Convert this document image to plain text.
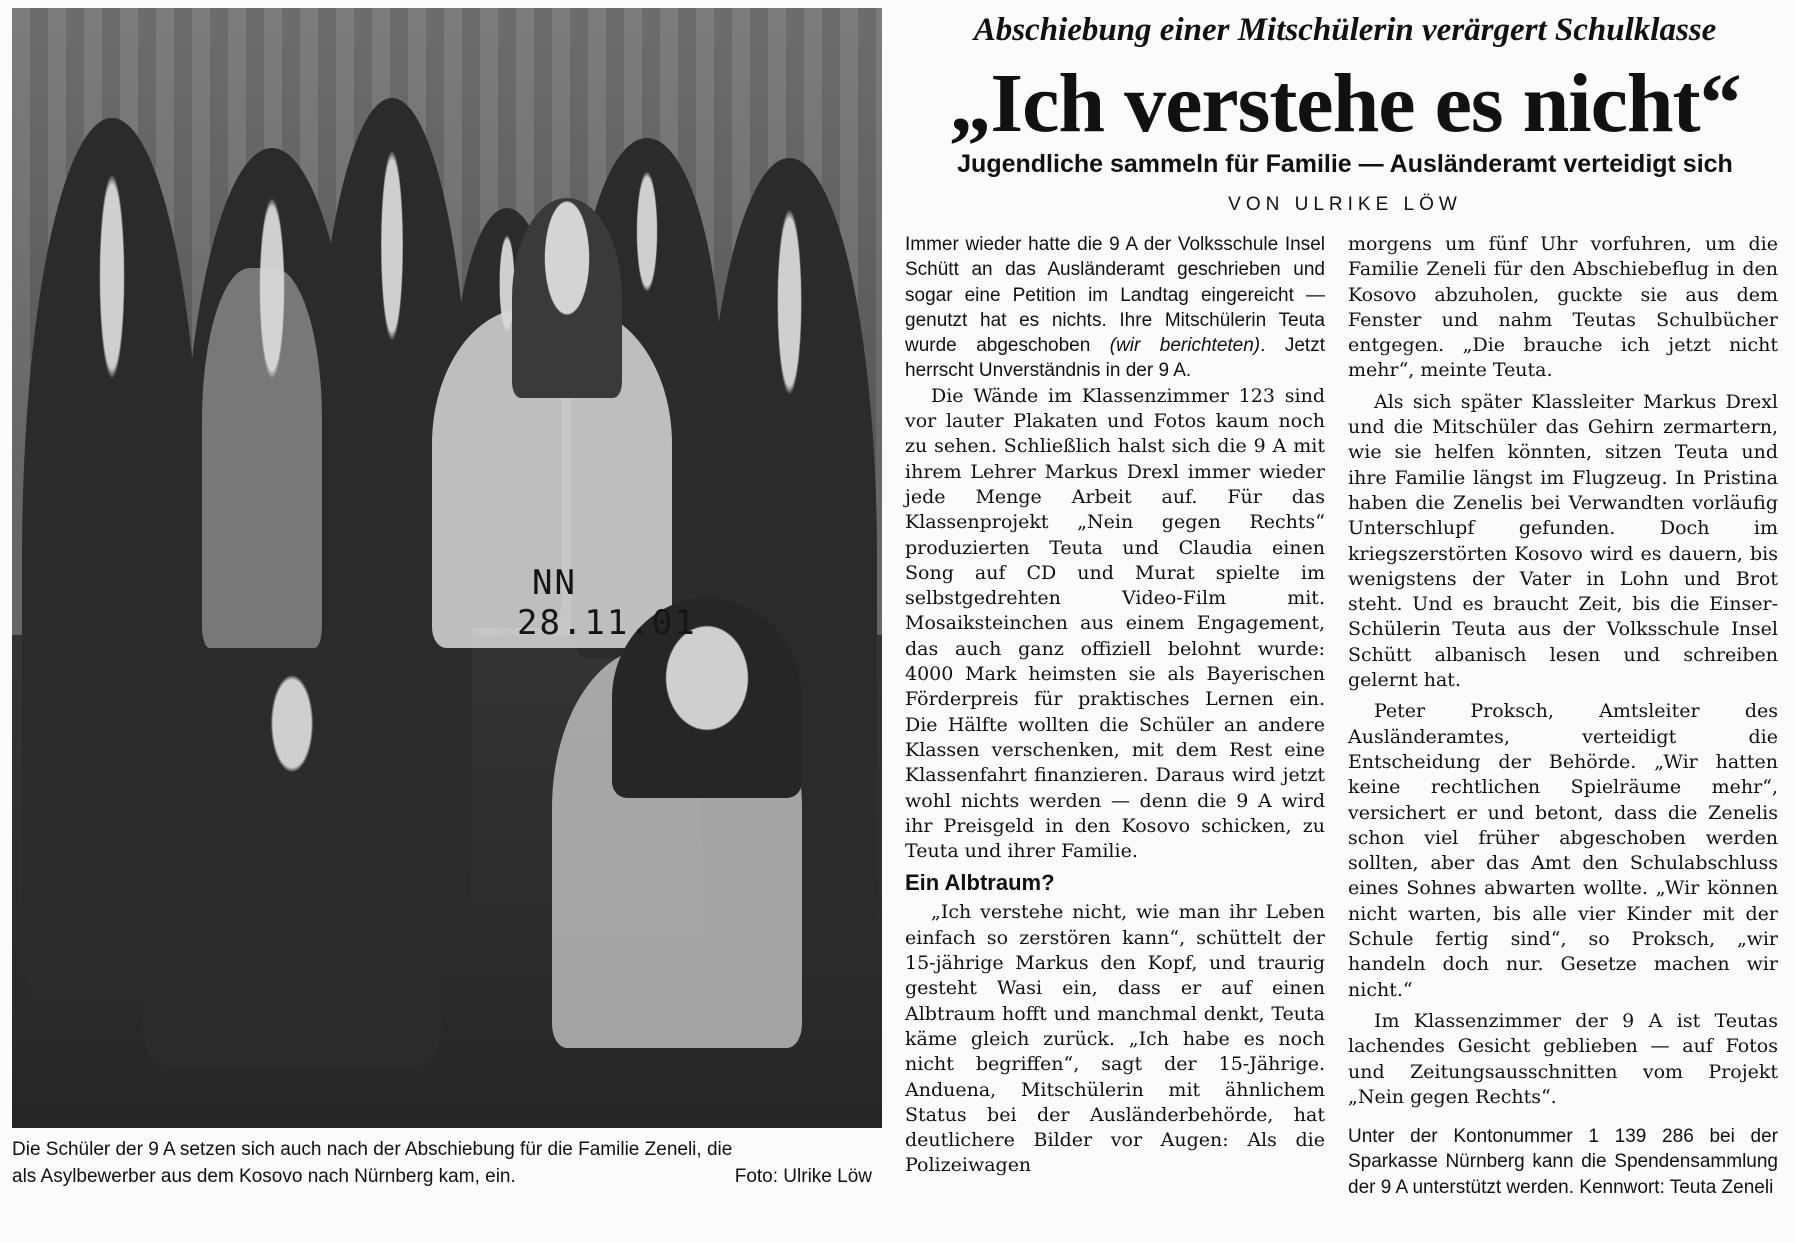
NN
28.11.01
Die Schüler der 9 A setzen sich auch nach der Abschiebung für die Familie Zeneli, die
als Asylbewerber aus dem Kosovo nach Nürnberg kam, ein.	Foto: Ulrike Löw
Abschiebung einer Mitschülerin verärgert Schulklasse
„Ich verstehe es nicht“
Jugendliche sammeln für Familie — Ausländeramt verteidigt sich
VON ULRIKE LÖW

Immer wieder hatte die 9 A der Volksschule Insel Schütt an das Ausländeramt geschrieben und sogar eine Petition im Landtag eingereicht — genutzt hat es nichts. Ihre Mitschülerin Teuta wurde abgeschoben (wir berichteten). Jetzt herrscht Unverständnis in der 9 A.

Die Wände im Klassenzimmer 123 sind vor lauter Plakaten und Fotos kaum noch zu sehen. Schließlich halst sich die 9 A mit ihrem Lehrer Markus Drexl immer wieder jede Menge Arbeit auf. Für das Klassenprojekt „Nein gegen Rechts“ produzierten Teuta und Claudia einen Song auf CD und Murat spielte im selbstgedrehten Video-Film mit. Mosaiksteinchen aus einem Engagement, das auch ganz offiziell belohnt wurde: 4000 Mark heimsten sie als Bayerischen Förderpreis für praktisches Lernen ein. Die Hälfte wollten die Schüler an andere Klassen verschenken, mit dem Rest eine Klassenfahrt finanzieren. Daraus wird jetzt wohl nichts werden — denn die 9 A wird ihr Preisgeld in den Kosovo schicken, zu Teuta und ihrer Familie.

Ein Albtraum?

„Ich verstehe nicht, wie man ihr Leben einfach so zerstören kann“, schüttelt der 15-jährige Markus den Kopf, und traurig gesteht Wasi ein, dass er auf einen Albtraum hofft und manchmal denkt, Teuta käme gleich zurück. „Ich habe es noch nicht begriffen“, sagt der 15-Jährige. Anduena, Mitschülerin mit ähnlichem Status bei der Ausländerbehörde, hat deutlichere Bilder vor Augen: Als die Polizeiwagen

morgens um fünf Uhr vorfuhren, um die Familie Zeneli für den Abschiebeflug in den Kosovo abzuholen, guckte sie aus dem Fenster und nahm Teutas Schulbücher entgegen. „Die brauche ich jetzt nicht mehr“, meinte Teuta.

Als sich später Klassleiter Markus Drexl und die Mitschüler das Gehirn zermartern, wie sie helfen könnten, sitzen Teuta und ihre Familie längst im Flugzeug. In Pristina haben die Zenelis bei Verwandten vorläufig Unterschlupf gefunden. Doch im kriegszerstörten Kosovo wird es dauern, bis wenigstens der Vater in Lohn und Brot steht. Und es braucht Zeit, bis die Einser-Schülerin Teuta aus der Volksschule Insel Schütt albanisch lesen und schreiben gelernt hat.

Peter Proksch, Amtsleiter des Ausländeramtes, verteidigt die Entscheidung der Behörde. „Wir hatten keine rechtlichen Spielräume mehr“, versichert er und betont, dass die Zenelis schon viel früher abgeschoben werden sollten, aber das Amt den Schulabschluss eines Sohnes abwarten wollte. „Wir können nicht warten, bis alle vier Kinder mit der Schule fertig sind“, so Proksch, „wir handeln doch nur. Gesetze machen wir nicht.“

Im Klassenzimmer der 9 A ist Teutas lachendes Gesicht geblieben — auf Fotos und Zeitungsausschnitten vom Projekt „Nein gegen Rechts“.

Unter der Kontonummer 1 139 286 bei der Sparkasse Nürnberg kann die Spendensammlung der 9 A unterstützt werden. Kennwort: Teuta Zeneli
